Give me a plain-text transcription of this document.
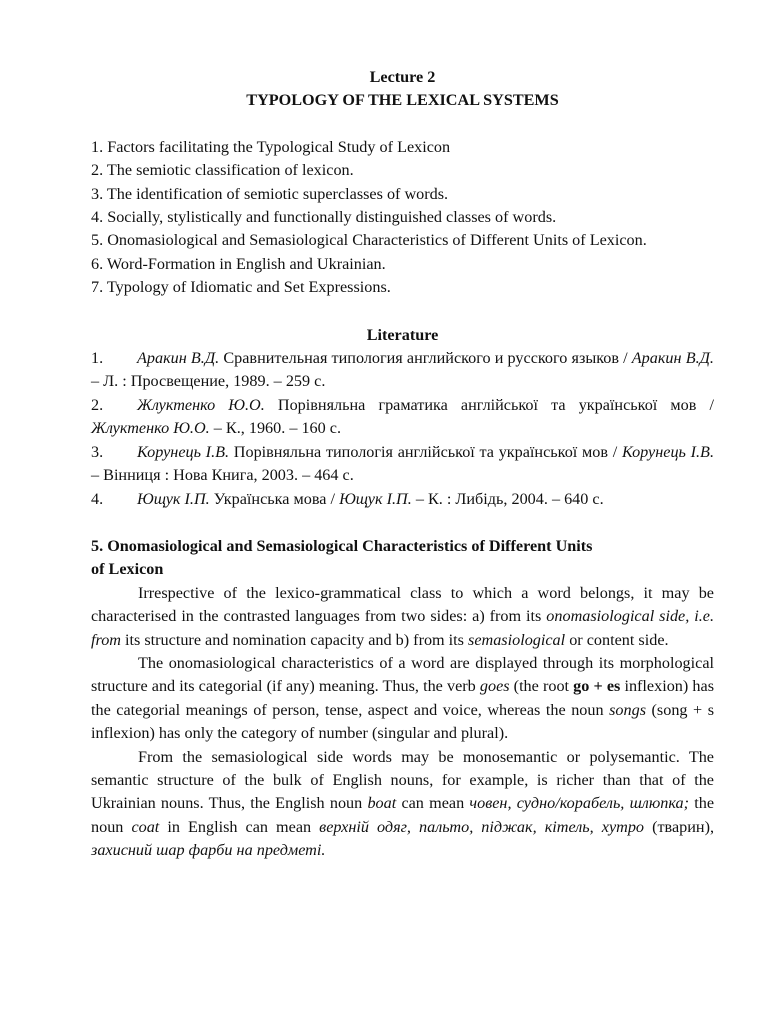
Lecture 2

TYPOLOGY OF THE LEXICAL SYSTEMS

1. Factors facilitating the Typological Study of Lexicon
2. The semiotic classification of lexicon.
3. The identification of semiotic superclasses of words.
4. Socially, stylistically and functionally distinguished classes of words.
5. Onomasiological and Semasiological Characteristics of Different Units of Lexicon.
6. Word-Formation in English and Ukrainian.
7. Typology of Idiomatic and Set Expressions.

Literature

1. Аракин В.Д. Сравнительная типология английского и русского языков / Аракин В.Д. – Л. : Просвещение, 1989. – 259 с.

2. Жлуктенко Ю.О. Порівняльна граматика англійської та української мов / Жлуктенко Ю.О. – К., 1960. – 160 с.

3. Корунець І.В. Порівняльна типологія англійської та української мов / Корунець І.В. – Вінниця : Нова Книга, 2003. – 464 с.

4. Ющук І.П. Українська мова / Ющук І.П. – К. : Либідь, 2004. – 640 с.

5. Onomasiological and Semasiological Characteristics of Different Units
of Lexicon

Irrespective of the lexico-grammatical class to which a word belongs, it may be characterised in the contrasted languages from two sides: a) from its onomasiological side, i.e. from its structure and nomination capacity and b) from its semasiological or content side.

The onomasiological characteristics of a word are displayed through its morphological structure and its categorial (if any) meaning. Thus, the verb goes (the root go + es inflexion) has the categorial meanings of person, tense, aspect and voice, whereas the noun songs (song + s inflexion) has only the category of number (singular and plural).

From the semasiological side words may be monosemantic or polysemantic. The semantic structure of the bulk of English nouns, for example, is richer than that of the Ukrainian nouns. Thus, the English noun boat can mean човен, судно/корабель, шлюпка; the noun coat in English can mean верхній одяг, пальто, піджак, кітель, хутро (тварин), захисний шар фарби на предметі.
